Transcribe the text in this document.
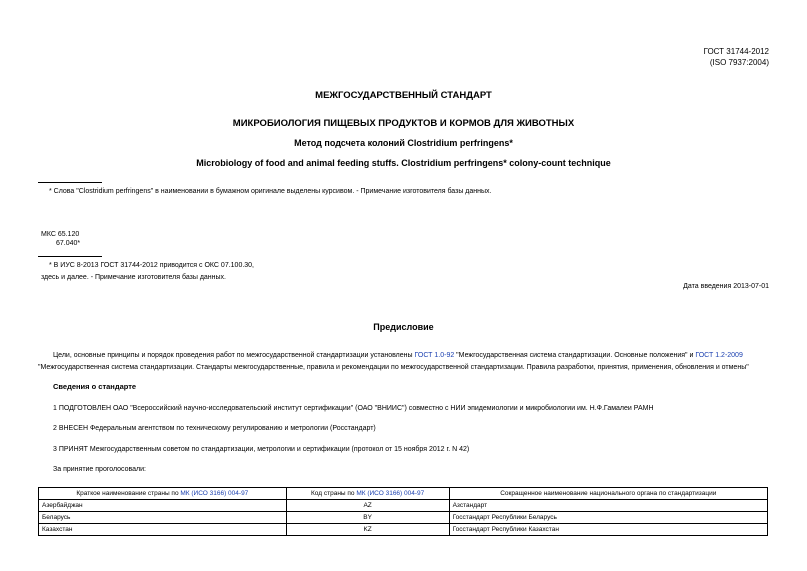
ГОСТ 31744-2012
(ISO 7937:2004)
МЕЖГОСУДАРСТВЕННЫЙ СТАНДАРТ
МИКРОБИОЛОГИЯ ПИЩЕВЫХ ПРОДУКТОВ И КОРМОВ ДЛЯ ЖИВОТНЫХ
Метод подсчета колоний Clostridium perfringens*
Microbiology of food and animal feeding stuffs. Clostridium perfringens* colony-count technique
* Слова "Clostridium perfringens" в наименовании в бумажном оригинале выделены курсивом. - Примечание изготовителя базы данных.
МКС 65.120
67.040*
* В ИУС 8-2013 ГОСТ 31744-2012 приводится с ОКС 07.100.30,
здесь и далее. - Примечание изготовителя базы данных.
Дата введения 2013-07-01
Предисловие
Цели, основные принципы и порядок проведения работ по межгосударственной стандартизации установлены ГОСТ 1.0-92 "Межгосударственная система стандартизации. Основные положения" и ГОСТ 1.2-2009
"Межгосударственная система стандартизации. Стандарты межгосударственные, правила и рекомендации по межгосударственной стандартизации. Правила разработки, принятия, применения, обновления и отмены"
Сведения о стандарте
1 ПОДГОТОВЛЕН ОАО "Всероссийский научно-исследовательский институт сертификации" (ОАО "ВНИИС") совместно с НИИ эпидемиологии и микробиологии им. Н.Ф.Гамалеи РАМН
2 ВНЕСЕН Федеральным агентством по техническому регулированию и метрологии (Росстандарт)
3 ПРИНЯТ Межгосударственным советом по стандартизации, метрологии и сертификации (протокол от 15 ноября 2012 г. N 42)
За принятие проголосовали:
Краткое наименование страны по МК (ИСО 3166) 004-97	Код страны по МК (ИСО 3166) 004-97	Сокращенное наименование национального органа по стандартизации
Азербайджан	AZ	Азстандарт
Беларусь	BY	Госстандарт Республики Беларусь
Казахстан	KZ	Госстандарт Республики Казахстан
